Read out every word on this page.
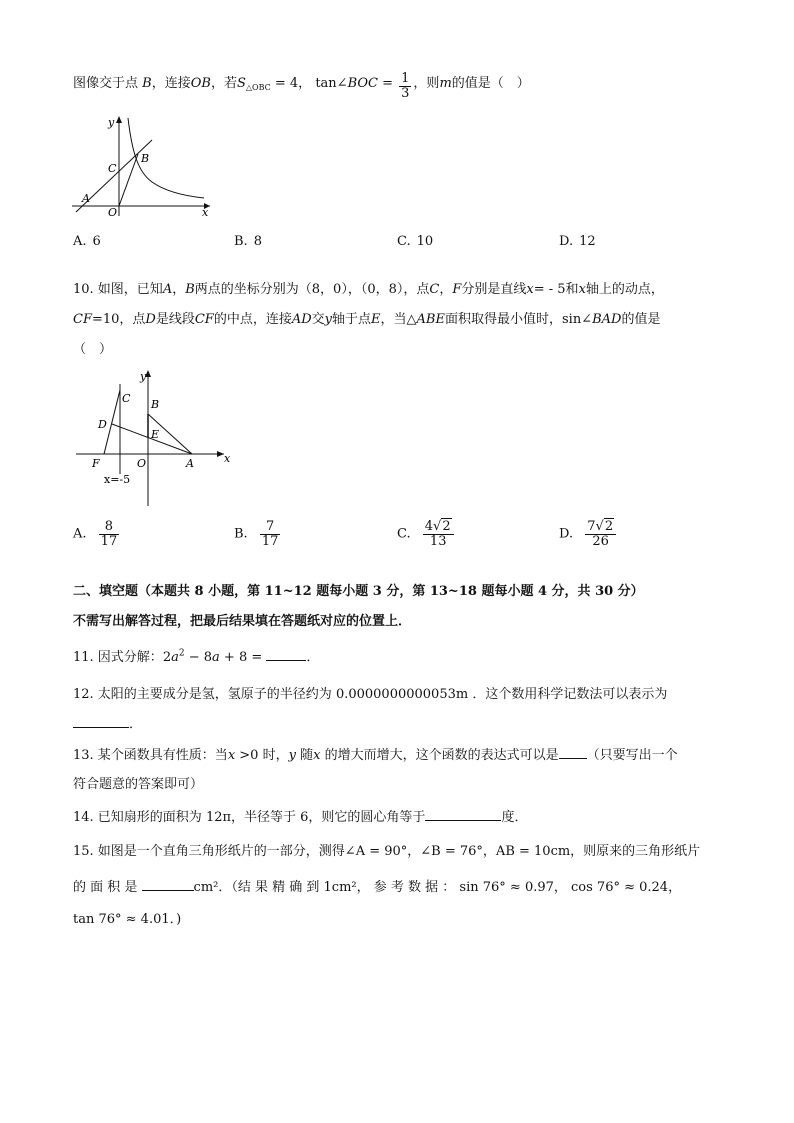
图像交于点 B，连接OB，若$S_{\triangle OBC} = 4$， tan∠BOC = $\frac{1}{3}$ ，则m的值是（　）
y
C
B
A
O	x
A. 6	B. 8	C. 10	D. 12
10. 如图，已知A，B两点的坐标分别为（8，0），（0，8），点C，F分别是直线x= - 5和x轴上的动点，
CF=10，点D是线段CF的中点，连接AD交y轴于点E，当△ABE面积取得最小值时，sin∠BAD的值是
（　）
y
C B
D
E
F	O	A	x
x=-5
A. $\frac{8}{17}$	B. $\frac{7}{17}$	C. $\frac{4√2}{13}$	D. $\frac{7√2}{26}$
二、填空题（本题共 8 小题，第 11~12 题每小题 3 分，第 13~18 题每小题 4 分，共 30 分）
不需写出解答过程，把最后结果填在答题纸对应的位置上．
11. 因式分解：$2a^2 - 8a + 8$ =	．
12. 太阳的主要成分是氢，氢原子的半径约为 0.0000000000053m ．这个数用科学记数法可以表示为
．
13. 某个函数具有性质：当x >0 时，y 随x 的增大而增大，这个函数的表达式可以是 （只要写出一个
符合题意的答案即可）
14. 已知扇形的面积为 12π，半径等于 6，则它的圆心角等于	度．
15. 如图是一个直角三角形纸片的一部分，测得∠A = 90°，∠B = 76°，AB = 10cm，则原来的三角形纸片
的 面 积 是	cm²．（结 果 精 确 到 1cm²， 参 考 数 据 ： sin 76° ≈ 0.97， cos 76° ≈ 0.24，
tan 76° ≈ 4.01．)
